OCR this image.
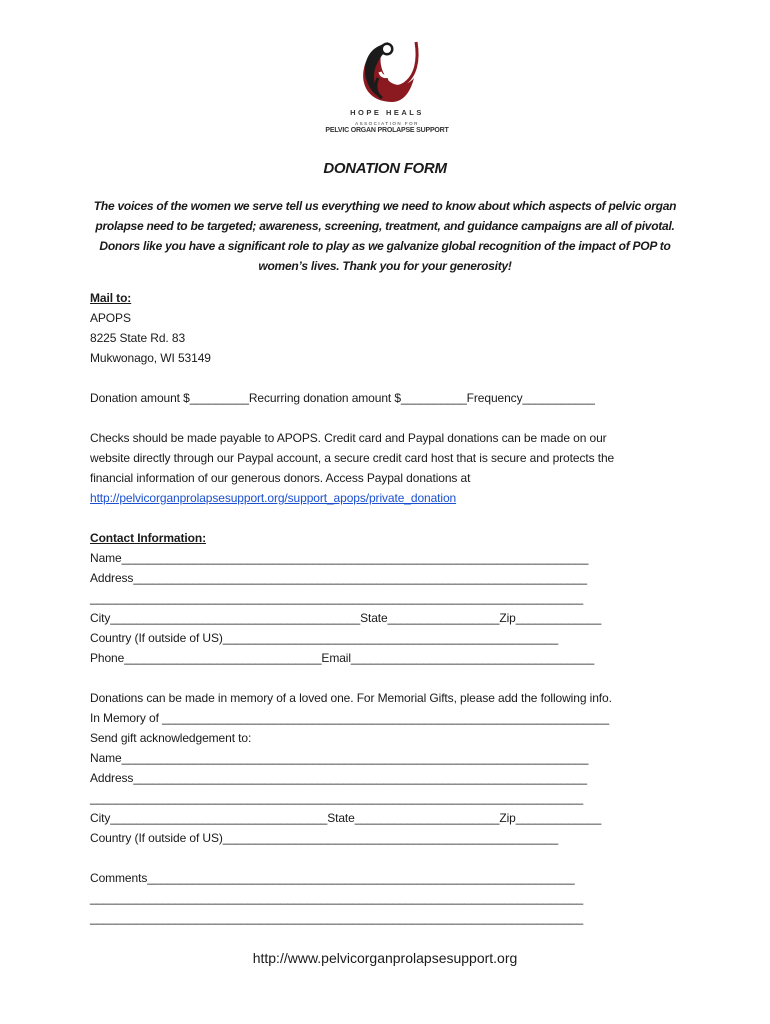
HOPE HEALS
ASSOCIATION FOR
PELVIC ORGAN PROLAPSE SUPPORT
DONATION FORM
The voices of the women we serve tell us everything we need to know about which aspects of pelvic organ prolapse need to be targeted; awareness, screening, treatment, and guidance campaigns are all of pivotal. Donors like you have a significant role to play as we galvanize global recognition of the impact of POP to women’s lives. Thank you for your generosity!
Mail to:
APOPS
8225 State Rd. 83
Mukwonago, WI 53149
Donation amount $_________Recurring donation amount $__________Frequency___________
Checks should be made payable to APOPS. Credit card and Paypal donations can be made on our
website directly through our Paypal account, a secure credit card host that is secure and protects the
financial information of our generous donors. Access Paypal donations at
http://pelvicorganprolapsesupport.org/support_apops/private_donation
Contact Information:
Name_______________________________________________________________________
Address_____________________________________________________________________
___________________________________________________________________________
City______________________________________State_________________Zip_____________
Country (If outside of US)___________________________________________________
Phone______________________________Email_____________________________________
Donations can be made in memory of a loved one. For Memorial Gifts, please add the following info.
In Memory of ____________________________________________________________________
Send gift acknowledgement to:
Name_______________________________________________________________________
Address_____________________________________________________________________
___________________________________________________________________________
City_________________________________State______________________Zip_____________
Country (If outside of US)___________________________________________________
Comments_________________________________________________________________
___________________________________________________________________________
___________________________________________________________________________
http://www.pelvicorganprolapsesupport.org
